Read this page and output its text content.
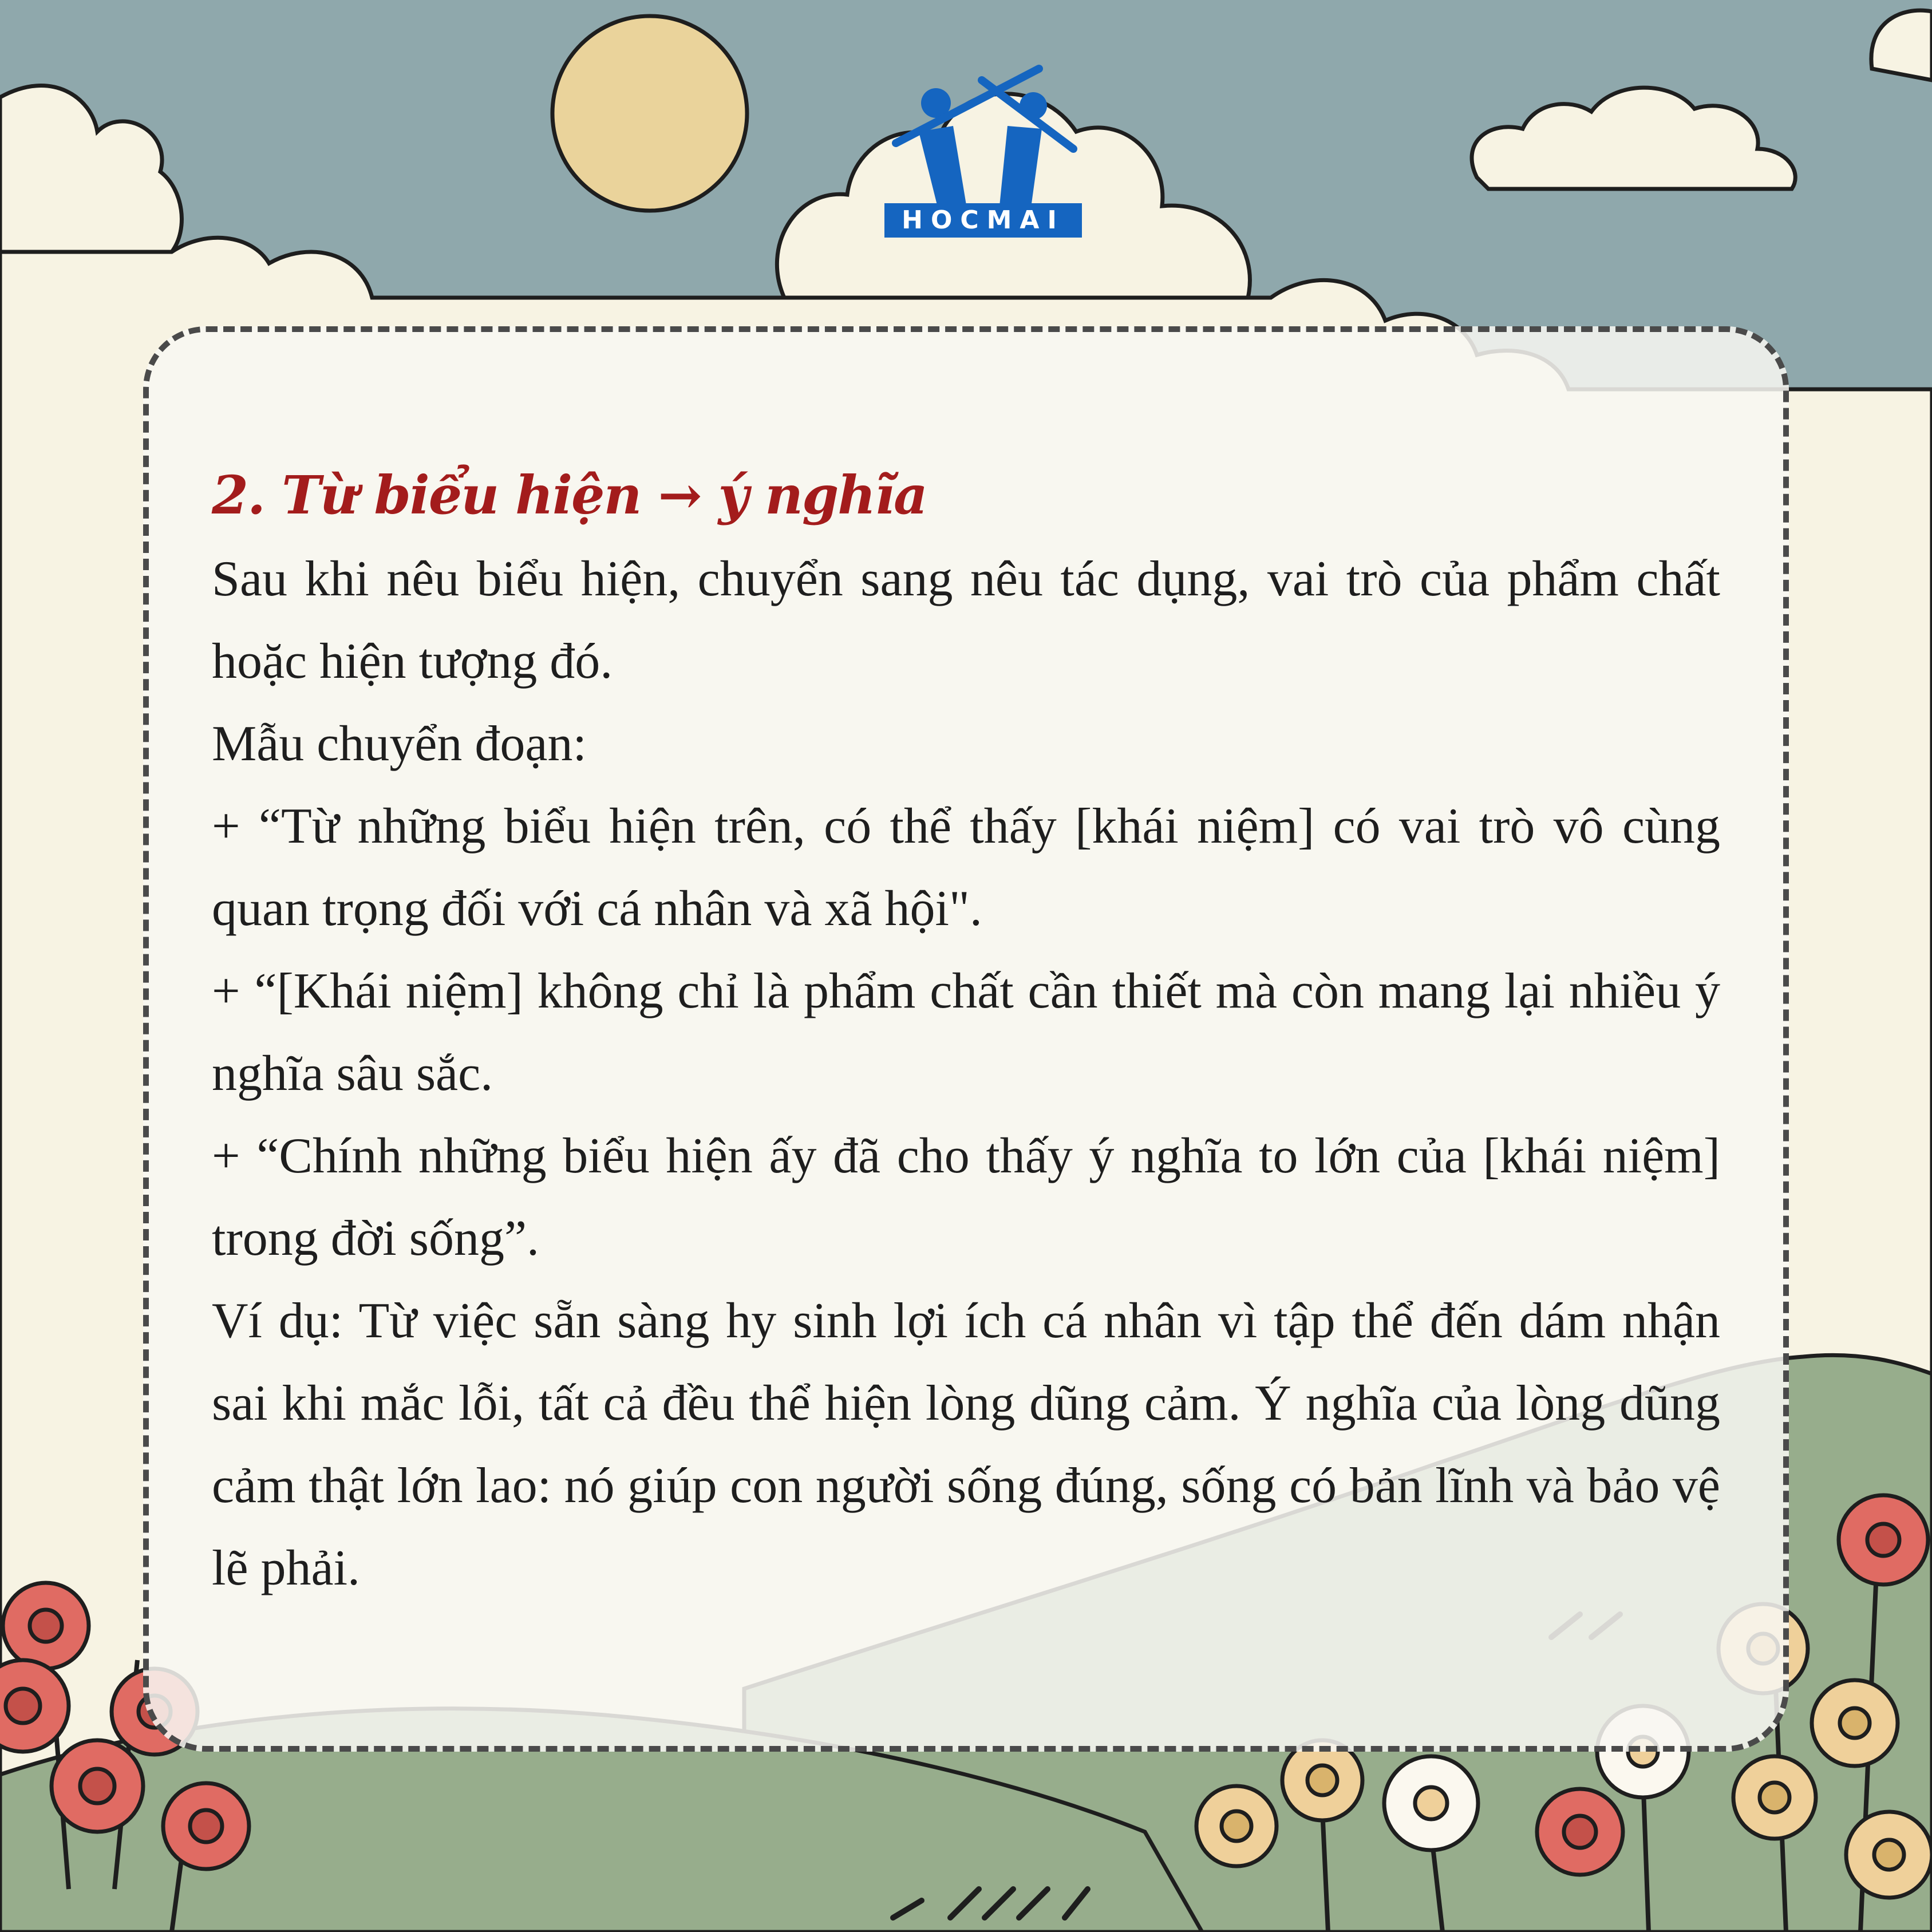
HOCMAI
2. Từ biểu hiện → ý nghĩa

Sau khi nêu biểu hiện, chuyển sang nêu tác dụng, vai trò của phẩm chất hoặc hiện tượng đó.

Mẫu chuyển đoạn:

+ “Từ những biểu hiện trên, có thể thấy [khái niệm] có vai trò vô cùng quan trọng đối với cá nhân và xã hội".

+ “[Khái niệm] không chỉ là phẩm chất cần thiết mà còn mang lại nhiều ý nghĩa sâu sắc.

+ “Chính những biểu hiện ấy đã cho thấy ý nghĩa to lớn của [khái niệm] trong đời sống”.

Ví dụ: Từ việc sẵn sàng hy sinh lợi ích cá nhân vì tập thể đến dám nhận sai khi mắc lỗi, tất cả đều thể hiện lòng dũng cảm. Ý nghĩa của lòng dũng cảm thật lớn lao: nó giúp con người sống đúng, sống có bản lĩnh và bảo vệ lẽ phải.
